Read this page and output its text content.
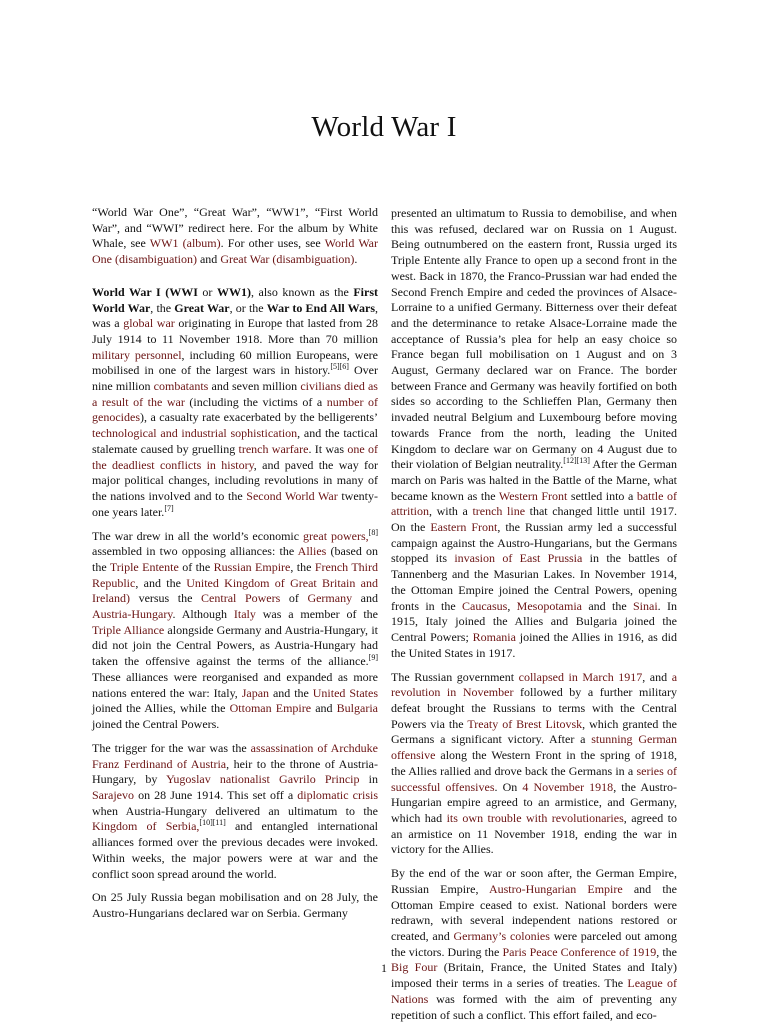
World War I

“World War One”, “Great War”, “WW1”, “First World War”, and “WWI” redirect here. For the album by White Whale, see WW1 (album). For other uses, see World War One (disambiguation) and Great War (disambiguation).

World War I (WWI or WW1), also known as the First World War, the Great War, or the War to End All Wars, was a global war originating in Europe that lasted from 28 July 1914 to 11 November 1918. More than 70 million military personnel, including 60 million Europeans, were mobilised in one of the largest wars in history.[5][6] Over nine million combatants and seven million civilians died as a result of the war (including the victims of a number of genocides), a casualty rate exacerbated by the belligerents’ technological and industrial sophistication, and the tactical stalemate caused by gruelling trench warfare. It was one of the deadliest conflicts in history, and paved the way for major political changes, including revolutions in many of the nations involved and to the Second World War twenty-one years later.[7]

The war drew in all the world’s economic great powers,[8] assembled in two opposing alliances: the Allies (based on the Triple Entente of the Russian Empire, the French Third Republic, and the United Kingdom of Great Britain and Ireland) versus the Central Powers of Germany and Austria-Hungary. Although Italy was a member of the Triple Alliance alongside Germany and Austria-Hungary, it did not join the Central Powers, as Austria-Hungary had taken the offensive against the terms of the alliance.[9] These alliances were reorganised and expanded as more nations entered the war: Italy, Japan and the United States joined the Allies, while the Ottoman Empire and Bulgaria joined the Central Powers.

The trigger for the war was the assassination of Archduke Franz Ferdinand of Austria, heir to the throne of Austria-Hungary, by Yugoslav nationalist Gavrilo Princip in Sarajevo on 28 June 1914. This set off a diplomatic crisis when Austria-Hungary delivered an ultimatum to the Kingdom of Serbia,[10][11] and entangled international alliances formed over the previous decades were invoked. Within weeks, the major powers were at war and the conflict soon spread around the world.

On 25 July Russia began mobilisation and on 28 July, the Austro-Hungarians declared war on Serbia. Germany

presented an ultimatum to Russia to demobilise, and when this was refused, declared war on Russia on 1 August. Being outnumbered on the eastern front, Russia urged its Triple Entente ally France to open up a second front in the west. Back in 1870, the Franco-Prussian war had ended the Second French Empire and ceded the provinces of Alsace-Lorraine to a unified Germany. Bitterness over their defeat and the determinance to retake Alsace-Lorraine made the acceptance of Russia’s plea for help an easy choice so France began full mobilisation on 1 August and on 3 August, Germany declared war on France. The border between France and Germany was heavily fortified on both sides so according to the Schlieffen Plan, Germany then invaded neutral Belgium and Luxembourg before moving towards France from the north, leading the United Kingdom to declare war on Germany on 4 August due to their violation of Belgian neutrality.[12][13] After the German march on Paris was halted in the Battle of the Marne, what became known as the Western Front settled into a battle of attrition, with a trench line that changed little until 1917. On the Eastern Front, the Russian army led a successful campaign against the Austro-Hungarians, but the Germans stopped its invasion of East Prussia in the battles of Tannenberg and the Masurian Lakes. In November 1914, the Ottoman Empire joined the Central Powers, opening fronts in the Caucasus, Mesopotamia and the Sinai. In 1915, Italy joined the Allies and Bulgaria joined the Central Powers; Romania joined the Allies in 1916, as did the United States in 1917.

The Russian government collapsed in March 1917, and a revolution in November followed by a further military defeat brought the Russians to terms with the Central Powers via the Treaty of Brest Litovsk, which granted the Germans a significant victory. After a stunning German offensive along the Western Front in the spring of 1918, the Allies rallied and drove back the Germans in a series of successful offensives. On 4 November 1918, the Austro-Hungarian empire agreed to an armistice, and Germany, which had its own trouble with revolutionaries, agreed to an armistice on 11 November 1918, ending the war in victory for the Allies.

By the end of the war or soon after, the German Empire, Russian Empire, Austro-Hungarian Empire and the Ottoman Empire ceased to exist. National borders were redrawn, with several independent nations restored or created, and Germany’s colonies were parceled out among the victors. During the Paris Peace Conference of 1919, the Big Four (Britain, France, the United States and Italy) imposed their terms in a series of treaties. The League of Nations was formed with the aim of preventing any repetition of such a conflict. This effort failed, and eco-

1
